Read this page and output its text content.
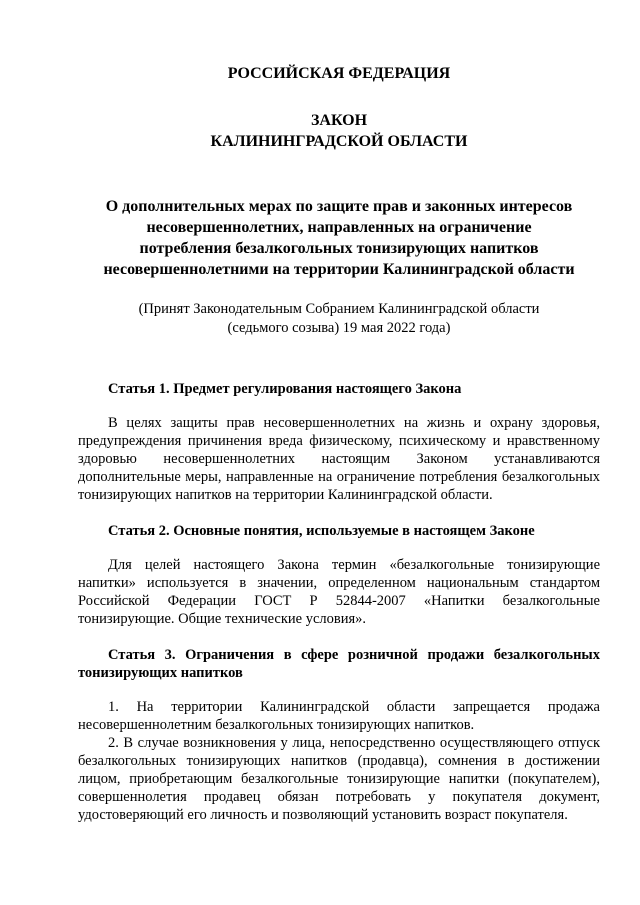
РОССИЙСКАЯ ФЕДЕРАЦИЯ
ЗАКОН
КАЛИНИНГРАДСКОЙ ОБЛАСТИ
О дополнительных мерах по защите прав и законных интересов
несовершеннолетних, направленных на ограничение
потребления безалкогольных тонизирующих напитков
несовершеннолетними на территории Калининградской области
(Принят Законодательным Собранием Калининградской области
(седьмого созыва) 19 мая 2022 года)
Статья 1. Предмет регулирования настоящего Закона

В целях защиты прав несовершеннолетних на жизнь и охрану здоровья, предупреждения причинения вреда физическому, психическому и нравственному здоровью несовершеннолетних настоящим Законом устанавливаются дополнительные меры, направленные на ограничение потребления безалкогольных тонизирующих напитков на территории Калининградской области.

Статья 2. Основные понятия, используемые в настоящем Законе

Для целей настоящего Закона термин «безалкогольные тонизирующие напитки» используется в значении, определенном национальным стандартом Российской Федерации ГОСТ Р 52844-2007 «Напитки безалкогольные тонизирующие. Общие технические условия».

Статья 3. Ограничения в сфере розничной продажи безалкогольных тонизирующих напитков

1. На территории Калининградской области запрещается продажа несовершеннолетним безалкогольных тонизирующих напитков.

2. В случае возникновения у лица, непосредственно осуществляющего отпуск безалкогольных тонизирующих напитков (продавца), сомнения в достижении лицом, приобретающим безалкогольные тонизирующие напитки (покупателем), совершеннолетия продавец обязан потребовать у покупателя документ, удостоверяющий его личность и позволяющий установить возраст покупателя.
